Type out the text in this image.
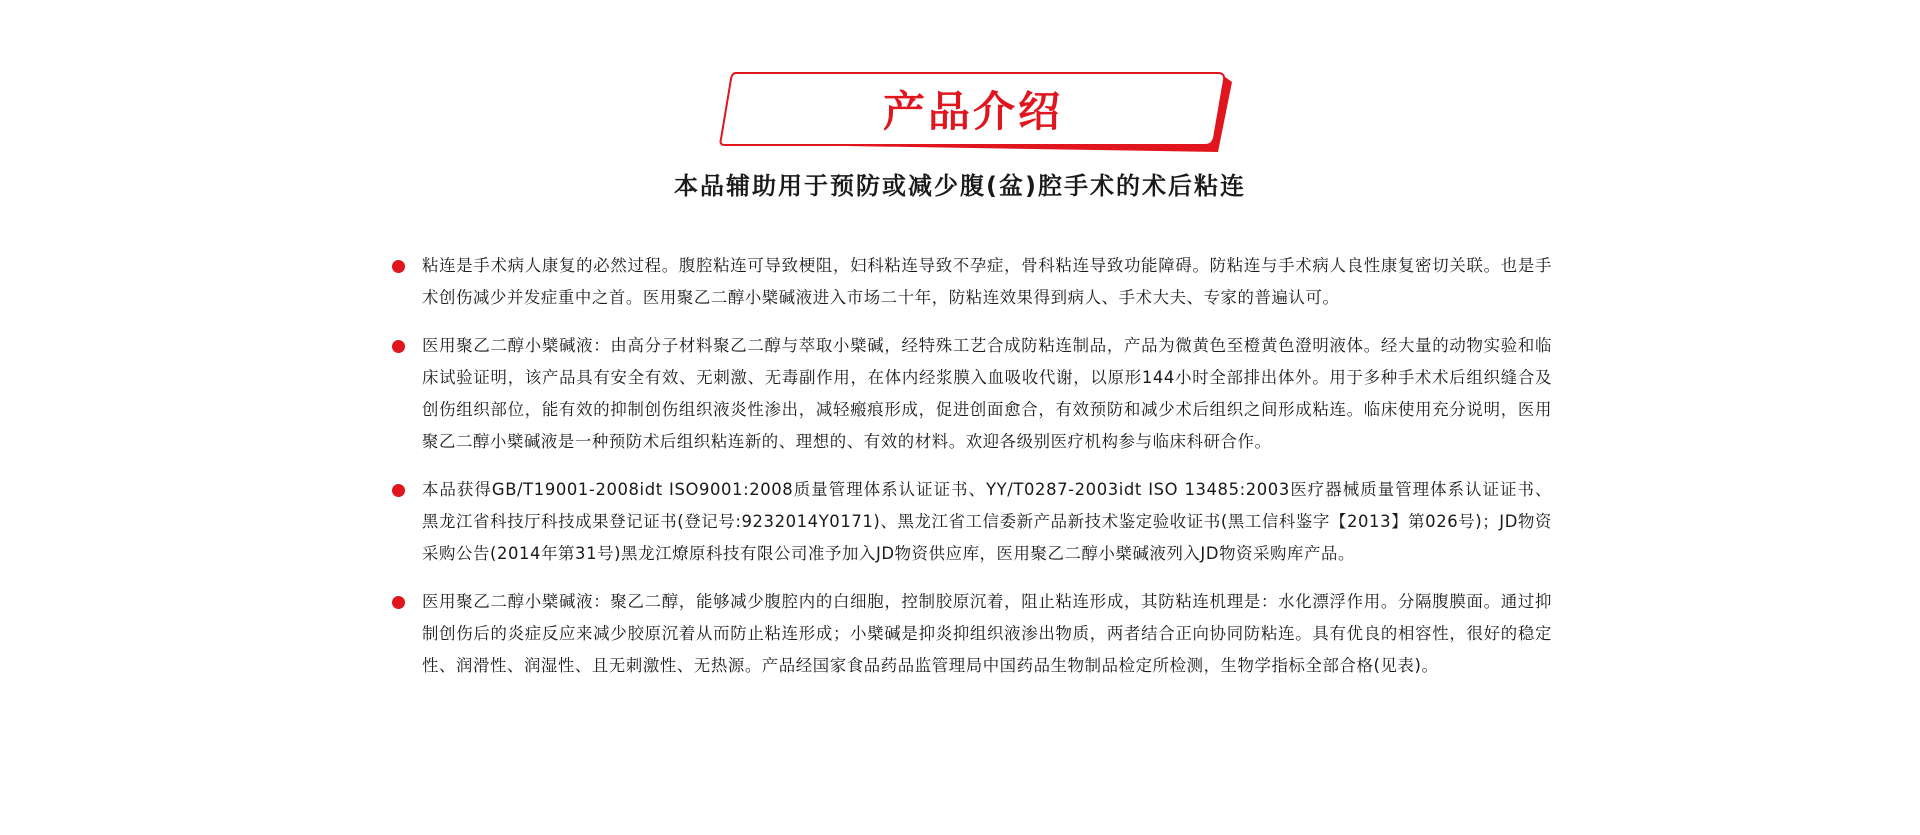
产品介绍
本品辅助用于预防或减少腹(盆)腔手术的术后粘连
粘连是手术病人康复的必然过程。腹腔粘连可导致梗阻，妇科粘连导致不孕症，骨科粘连导致功能障碍。防粘连与手术病人良性康复密切关联。也是手术创伤减少并发症重中之首。医用聚乙二醇小檗碱液进入市场二十年，防粘连效果得到病人、手术大夫、专家的普遍认可。
医用聚乙二醇小檗碱液：由高分子材料聚乙二醇与萃取小檗碱，经特殊工艺合成防粘连制品，产品为微黄色至橙黄色澄明液体。经大量的动物实验和临床试验证明，该产品具有安全有效、无刺激、无毒副作用，在体内经浆膜入血吸收代谢，以原形144小时全部排出体外。用于多种手术术后组织缝合及创伤组织部位，能有效的抑制创伤组织液炎性渗出，减轻瘢痕形成，促进创面愈合，有效预防和减少术后组织之间形成粘连。临床使用充分说明，医用聚乙二醇小檗碱液是一种预防术后组织粘连新的、理想的、有效的材料。欢迎各级别医疗机构参与临床科研合作。
本品获得GB/T19001-2008idt ISO9001:2008质量管理体系认证证书、YY/T0287-2003idt ISO 13485:2003医疗器械质量管理体系认证证书、黑龙江省科技厅科技成果登记证书(登记号:9232014Y0171)、黑龙江省工信委新产品新技术鉴定验收证书(黑工信科鉴字【2013】第026号)；JD物资采购公告(2014年第31号)黑龙江燎原科技有限公司准予加入JD物资供应库，医用聚乙二醇小檗碱液列入JD物资采购库产品。
医用聚乙二醇小檗碱液：聚乙二醇，能够减少腹腔内的白细胞，控制胶原沉着，阻止粘连形成，其防粘连机理是：水化漂浮作用。分隔腹膜面。通过抑制创伤后的炎症反应来减少胶原沉着从而防止粘连形成；小檗碱是抑炎抑组织液渗出物质，两者结合正向协同防粘连。具有优良的相容性，很好的稳定性、润滑性、润湿性、且无刺激性、无热源。产品经国家食品药品监管理局中国药品生物制品检定所检测，生物学指标全部合格(见表)。
